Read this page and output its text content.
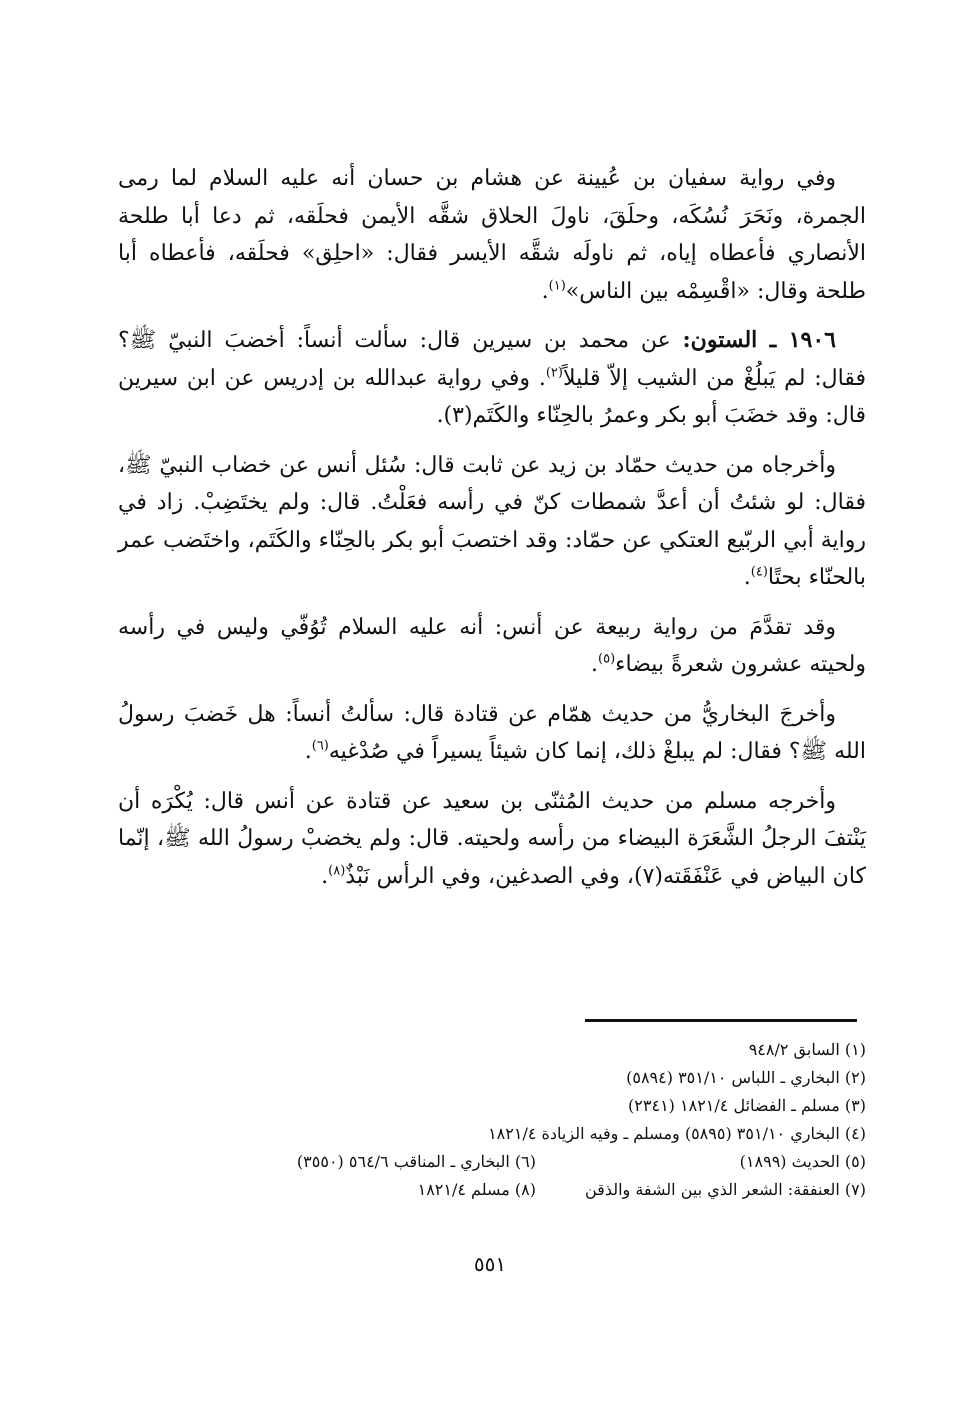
وفي رواية سفيان بن عُيينة عن هشام بن حسان أنه عليه السلام لما رمى الجمرة، ونَحَرَ نُسُكَه، وحلَقَ، ناولَ الحلاق شقَّه الأيمن فحلَقه، ثم دعا أبا طلحة الأنصاري فأعطاه إياه، ثم ناولَه شقَّه الأيسر فقال: «احلِق» فحلَقه، فأعطاه أبا طلحة وقال: «اقْسِمْه بين الناس»$^{(١)}$.

١٩٠٦ ـ الستون: عن محمد بن سيرين قال: سألت أنساً: أخضبَ النبيّ ﷺ؟ فقال: لم يَبلُغْ من الشيب إلاّ قليلاً$^{(٢)}$. وفي رواية عبدالله بن إدريس عن ابن سيرين قال: وقد خضَبَ أبو بكر وعمرُ بالحِنّاء والكَتَم(٣).

وأخرجاه من حديث حمّاد بن زيد عن ثابت قال: سُئل أنس عن خضاب النبيّ ﷺ، فقال: لو شئتُ أن أعدَّ شمطات كنّ في رأسه فعَلْتُ. قال: ولم يختَضِبْ. زاد في رواية أبي الربّيع العتكي عن حمّاد: وقد اختصبَ أبو بكر بالحِنّاء والكَتَم، واختَضب عمر بالحنّاء بحتًا$^{(٤)}$.

وقد تقدَّمَ من رواية ربيعة عن أنس: أنه عليه السلام تُوُفّي وليس في رأسه ولحيته عشرون شعرةً بيضاء$^{(٥)}$.

وأخرجَ البخاريُّ من حديث همّام عن قتادة قال: سألتُ أنساً: هل خَضبَ رسولُ الله ﷺ؟ فقال: لم يبلغْ ذلك، إنما كان شيئاً يسيراً في صُدْغيه$^{(٦)}$.

وأخرجه مسلم من حديث المُثنّى بن سعيد عن قتادة عن أنس قال: يُكْرَه أن يَنْتفَ الرجلُ الشَّعَرَة البيضاء من رأسه ولحيته. قال: ولم يخضبْ رسولُ الله ﷺ، إنّما كان البياض في عَنْفَقَته(٧)، وفي الصدغين، وفي الرأس نَبْذٌ$^{(٨)}$.

(١) السابق ٩٤٨/٢
(٢) البخاري ـ اللباس ٣٥١/١٠ (٥٨٩٤)
(٣) مسلم ـ الفضائل ١٨٢١/٤ (٢٣٤١)
(٤) البخاري ٣٥١/١٠ (٥٨٩٥) ومسلم ـ وفيه الزيادة ١٨٢١/٤
(٥) الحديث (١٨٩٩)
(٦) البخاري ـ المناقب ٥٦٤/٦ (٣٥٥٠)
(٧) العنفقة: الشعر الذي بين الشفة والذقن
(٨) مسلم ١٨٢١/٤
٥٥١
